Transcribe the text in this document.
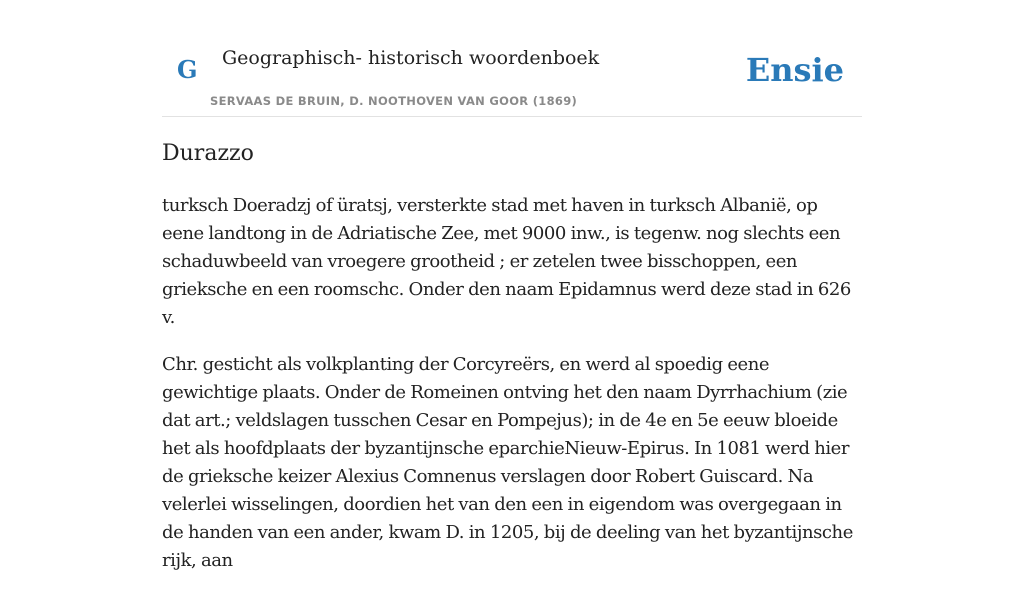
G Geographisch- historisch woordenboek
SERVAAS DE BRUIN, D. NOOTHOVEN VAN GOOR (1869)
Ensie
Durazzo

turksch Doeradzj of üratsj, versterkte stad met haven in turksch Albanië, op eene landtong in de Adriatische Zee, met 9000 inw., is tegenw. nog slechts een schaduwbeeld van vroegere grootheid ; er zetelen twee bisschoppen, een grieksche en een roomschc. Onder den naam Epidamnus werd deze stad in 626 v.

Chr. gesticht als volkplanting der Corcyreërs, en werd al spoedig eene gewichtige plaats. Onder de Romeinen ontving het den naam Dyrrhachium (zie dat art.; veldslagen tusschen Cesar en Pompejus); in de 4e en 5e eeuw bloeide het als hoofdplaats der byzantijnsche eparchieNieuw-Epirus. In 1081 werd hier de grieksche keizer Alexius Comnenus verslagen door Robert Guiscard. Na velerlei wisselingen, doordien het van den een in eigendom was overgegaan in de handen van een ander, kwam D. in 1205, bij de deeling van het byzantijnsche rijk, aan
